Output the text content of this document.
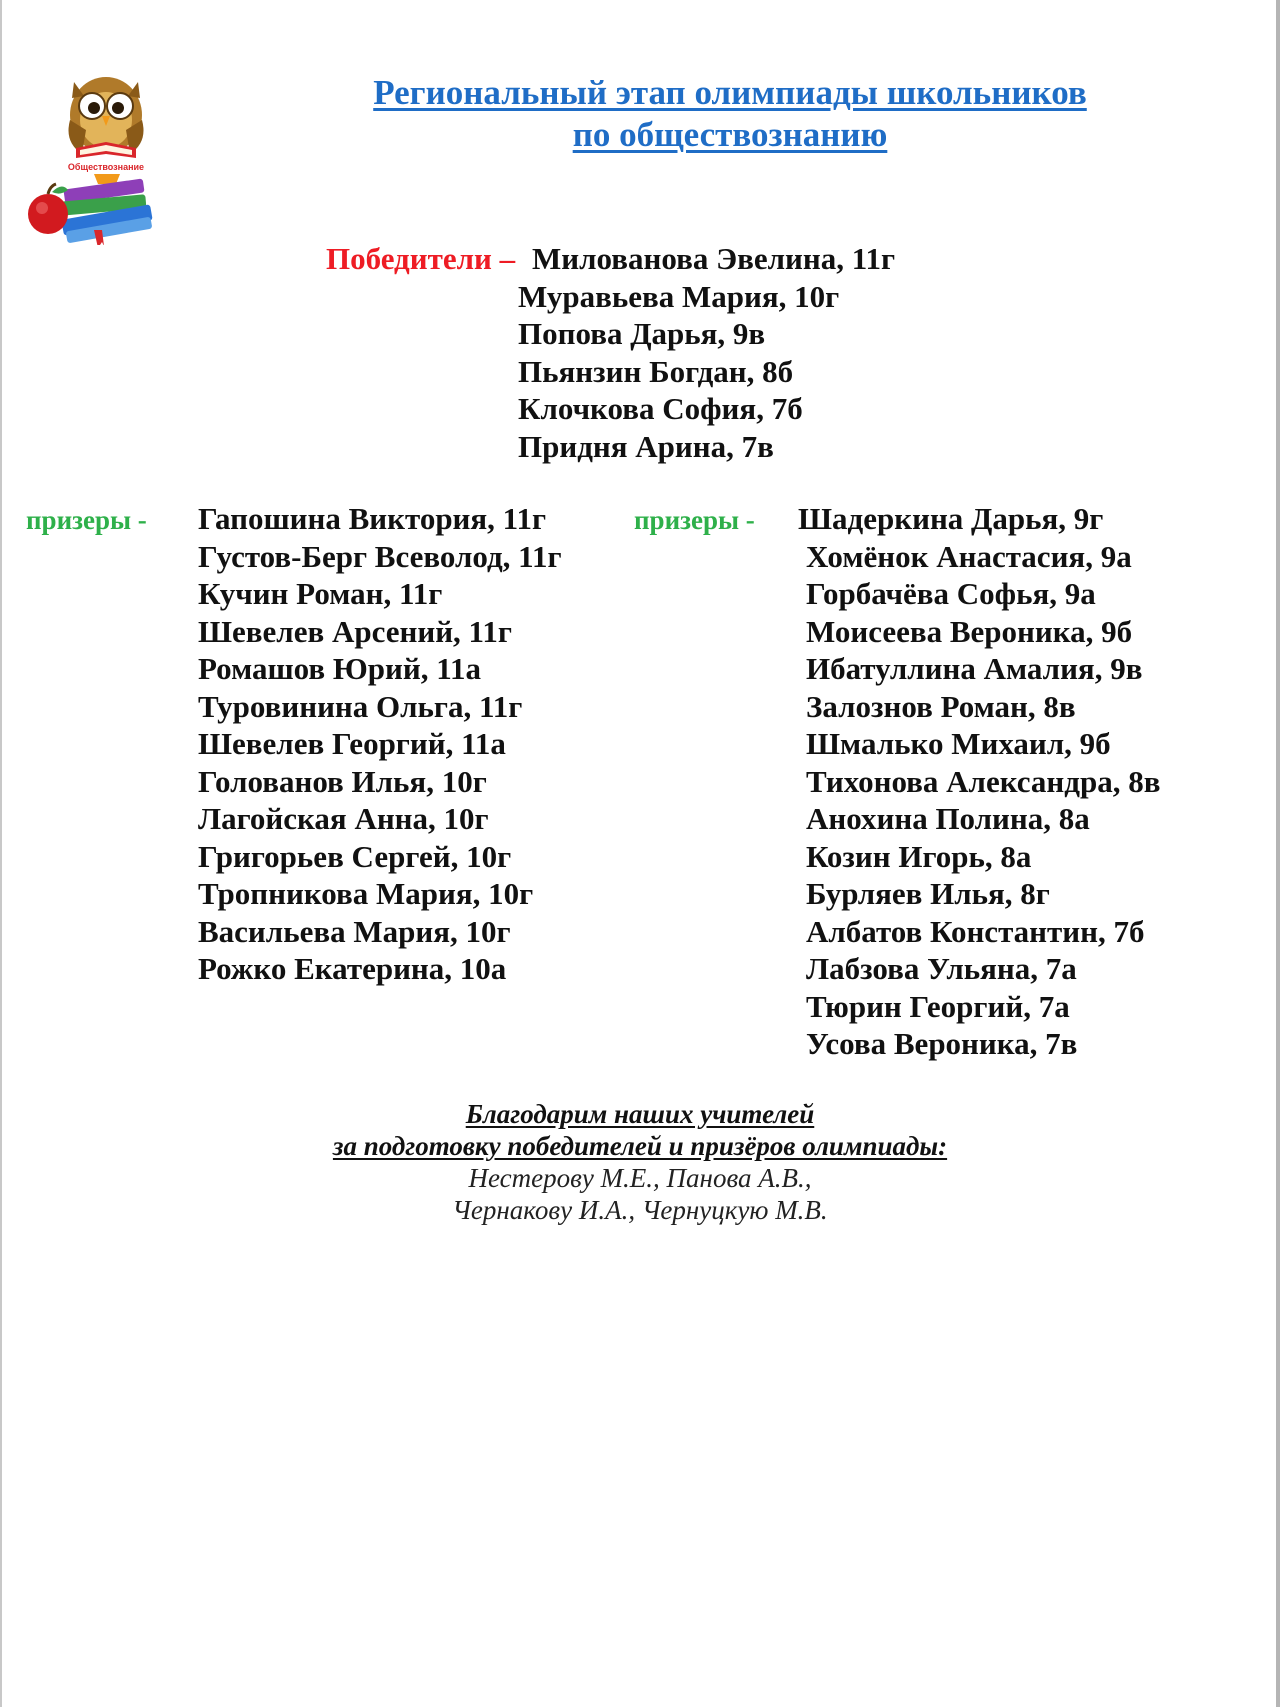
Обществознание
Региональный этап олимпиады школьников
по обществознанию
Победители – Милованова Эвелина, 11г
Муравьева Мария, 10г
Попова Дарья, 9в
Пьянзин Богдан, 8б
Клочкова София, 7б
Придня Арина, 7в
призеры - Гапошина Виктория, 11г
Густов-Берг Всеволод, 11г
Кучин Роман, 11г
Шевелев Арсений, 11г
Ромашов Юрий, 11а
Туровинина Ольга, 11г
Шевелев Георгий, 11а
Голованов Илья, 10г
Лагойская Анна, 10г
Григорьев Сергей, 10г
Тропникова Мария, 10г
Васильева Мария, 10г
Рожко Екатерина, 10а
призеры - Шадеркина Дарья, 9г
Хомёнок Анастасия, 9а
Горбачёва Софья, 9а
Моисеева Вероника, 9б
Ибатуллина Амалия, 9в
Залознов Роман, 8в
Шмалько Михаил, 9б
Тихонова Александра, 8в
Анохина Полина, 8а
Козин Игорь, 8а
Бурляев Илья, 8г
Албатов Константин, 7б
Лабзова Ульяна, 7а
Тюрин Георгий, 7а
Усова Вероника, 7в
Благодарим наших учителей
за подготовку победителей и призёров олимпиады:
Нестерову М.Е., Панова А.В.,
Чернакову И.А., Чернуцкую М.В.
